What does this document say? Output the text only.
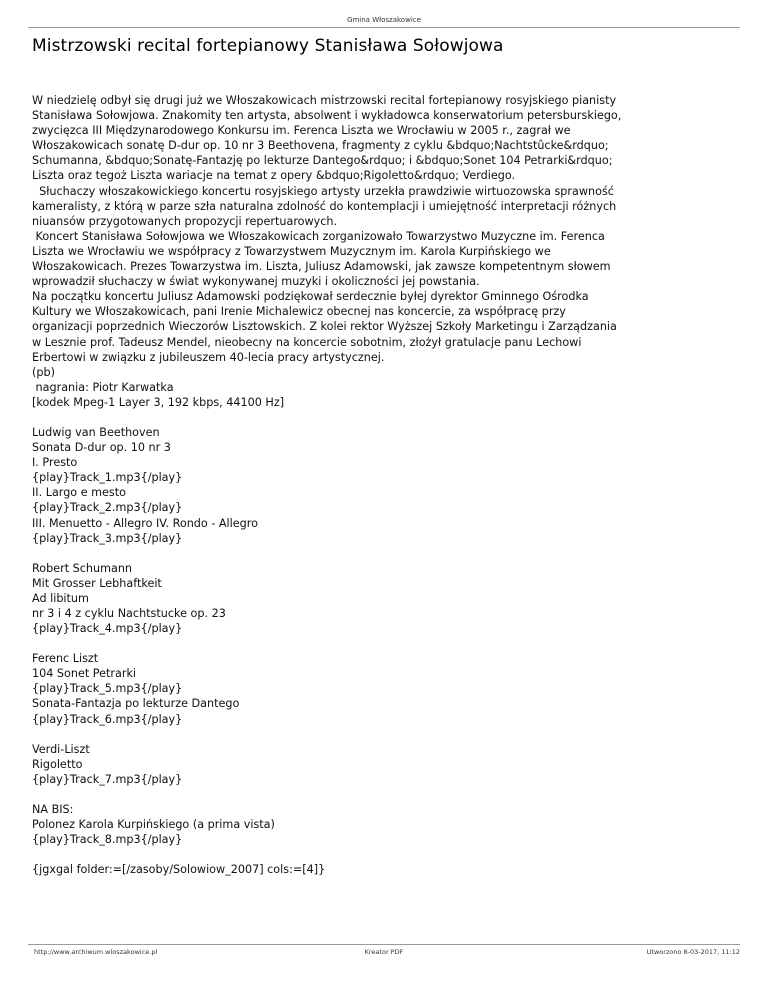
Gmina Włoszakowice
Mistrzowski recital fortepianowy Stanisława Sołowjowa
W niedzielę odbył się drugi już we Włoszakowicach mistrzowski recital fortepianowy rosyjskiego pianisty
Stanisława Sołowjowa. Znakomity ten artysta, absolwent i wykładowca konserwatorium petersburskiego,
zwycięzca III Międzynarodowego Konkursu im. Ferenca Liszta we Wrocławiu w 2005 r., zagrał we
Włoszakowicach sonatę D-dur op. 10 nr 3 Beethovena, fragmenty z cyklu &bdquo;Nachtstûcke&rdquo;
Schumanna, &bdquo;Sonatę-Fantazję po lekturze Dantego&rdquo; i &bdquo;Sonet 104 Petrarki&rdquo;
Liszta oraz tegoż Liszta wariacje na temat z opery &bdquo;Rigoletto&rdquo; Verdiego.
Słuchaczy włoszakowickiego koncertu rosyjskiego artysty urzekła prawdziwie wirtuozowska sprawność
kameralisty, z którą w parze szła naturalna zdolność do kontemplacji i umiejętność interpretacji różnych
niuansów przygotowanych propozycji repertuarowych.
Koncert Stanisława Sołowjowa we Włoszakowicach zorganizowało Towarzystwo Muzyczne im. Ferenca
Liszta we Wrocławiu we współpracy z Towarzystwem Muzycznym im. Karola Kurpińskiego we
Włoszakowicach. Prezes Towarzystwa im. Liszta, Juliusz Adamowski, jak zawsze kompetentnym słowem
wprowadził słuchaczy w świat wykonywanej muzyki i okoliczności jej powstania.
Na początku koncertu Juliusz Adamowski podziękował serdecznie byłej dyrektor Gminnego Ośrodka
Kultury we Włoszakowicach, pani Irenie Michalewicz obecnej nas koncercie, za współpracę przy
organizacji poprzednich Wieczorów Lisztowskich. Z kolei rektor Wyższej Szkoły Marketingu i Zarządzania
w Lesznie prof. Tadeusz Mendel, nieobecny na koncercie sobotnim, złożył gratulacje panu Lechowi
Erbertowi w związku z jubileuszem 40-lecia pracy artystycznej.
(pb)
nagrania: Piotr Karwatka
[kodek Mpeg-1 Layer 3, 192 kbps, 44100 Hz]
Ludwig van Beethoven
Sonata D-dur op. 10 nr 3
I. Presto
{play}Track_1.mp3{/play}
II. Largo e mesto
{play}Track_2.mp3{/play}
III. Menuetto - Allegro IV. Rondo - Allegro
{play}Track_3.mp3{/play}
Robert Schumann
Mit Grosser Lebhaftkeit
Ad libitum
nr 3 i 4 z cyklu Nachtstucke op. 23
{play}Track_4.mp3{/play}
Ferenc Liszt
104 Sonet Petrarki
{play}Track_5.mp3{/play}
Sonata-Fantazja po lekturze Dantego
{play}Track_6.mp3{/play}
Verdi-Liszt
Rigoletto
{play}Track_7.mp3{/play}
NA BIS:
Polonez Karola Kurpińskiego (a prima vista)
{play}Track_8.mp3{/play}
{jgxgal folder:=[/zasoby/Solowiow_2007] cols:=[4]}
http://www.archiwum.wloszakowice.pl	Kreator PDF	Utworzono 8-03-2017, 11:12
